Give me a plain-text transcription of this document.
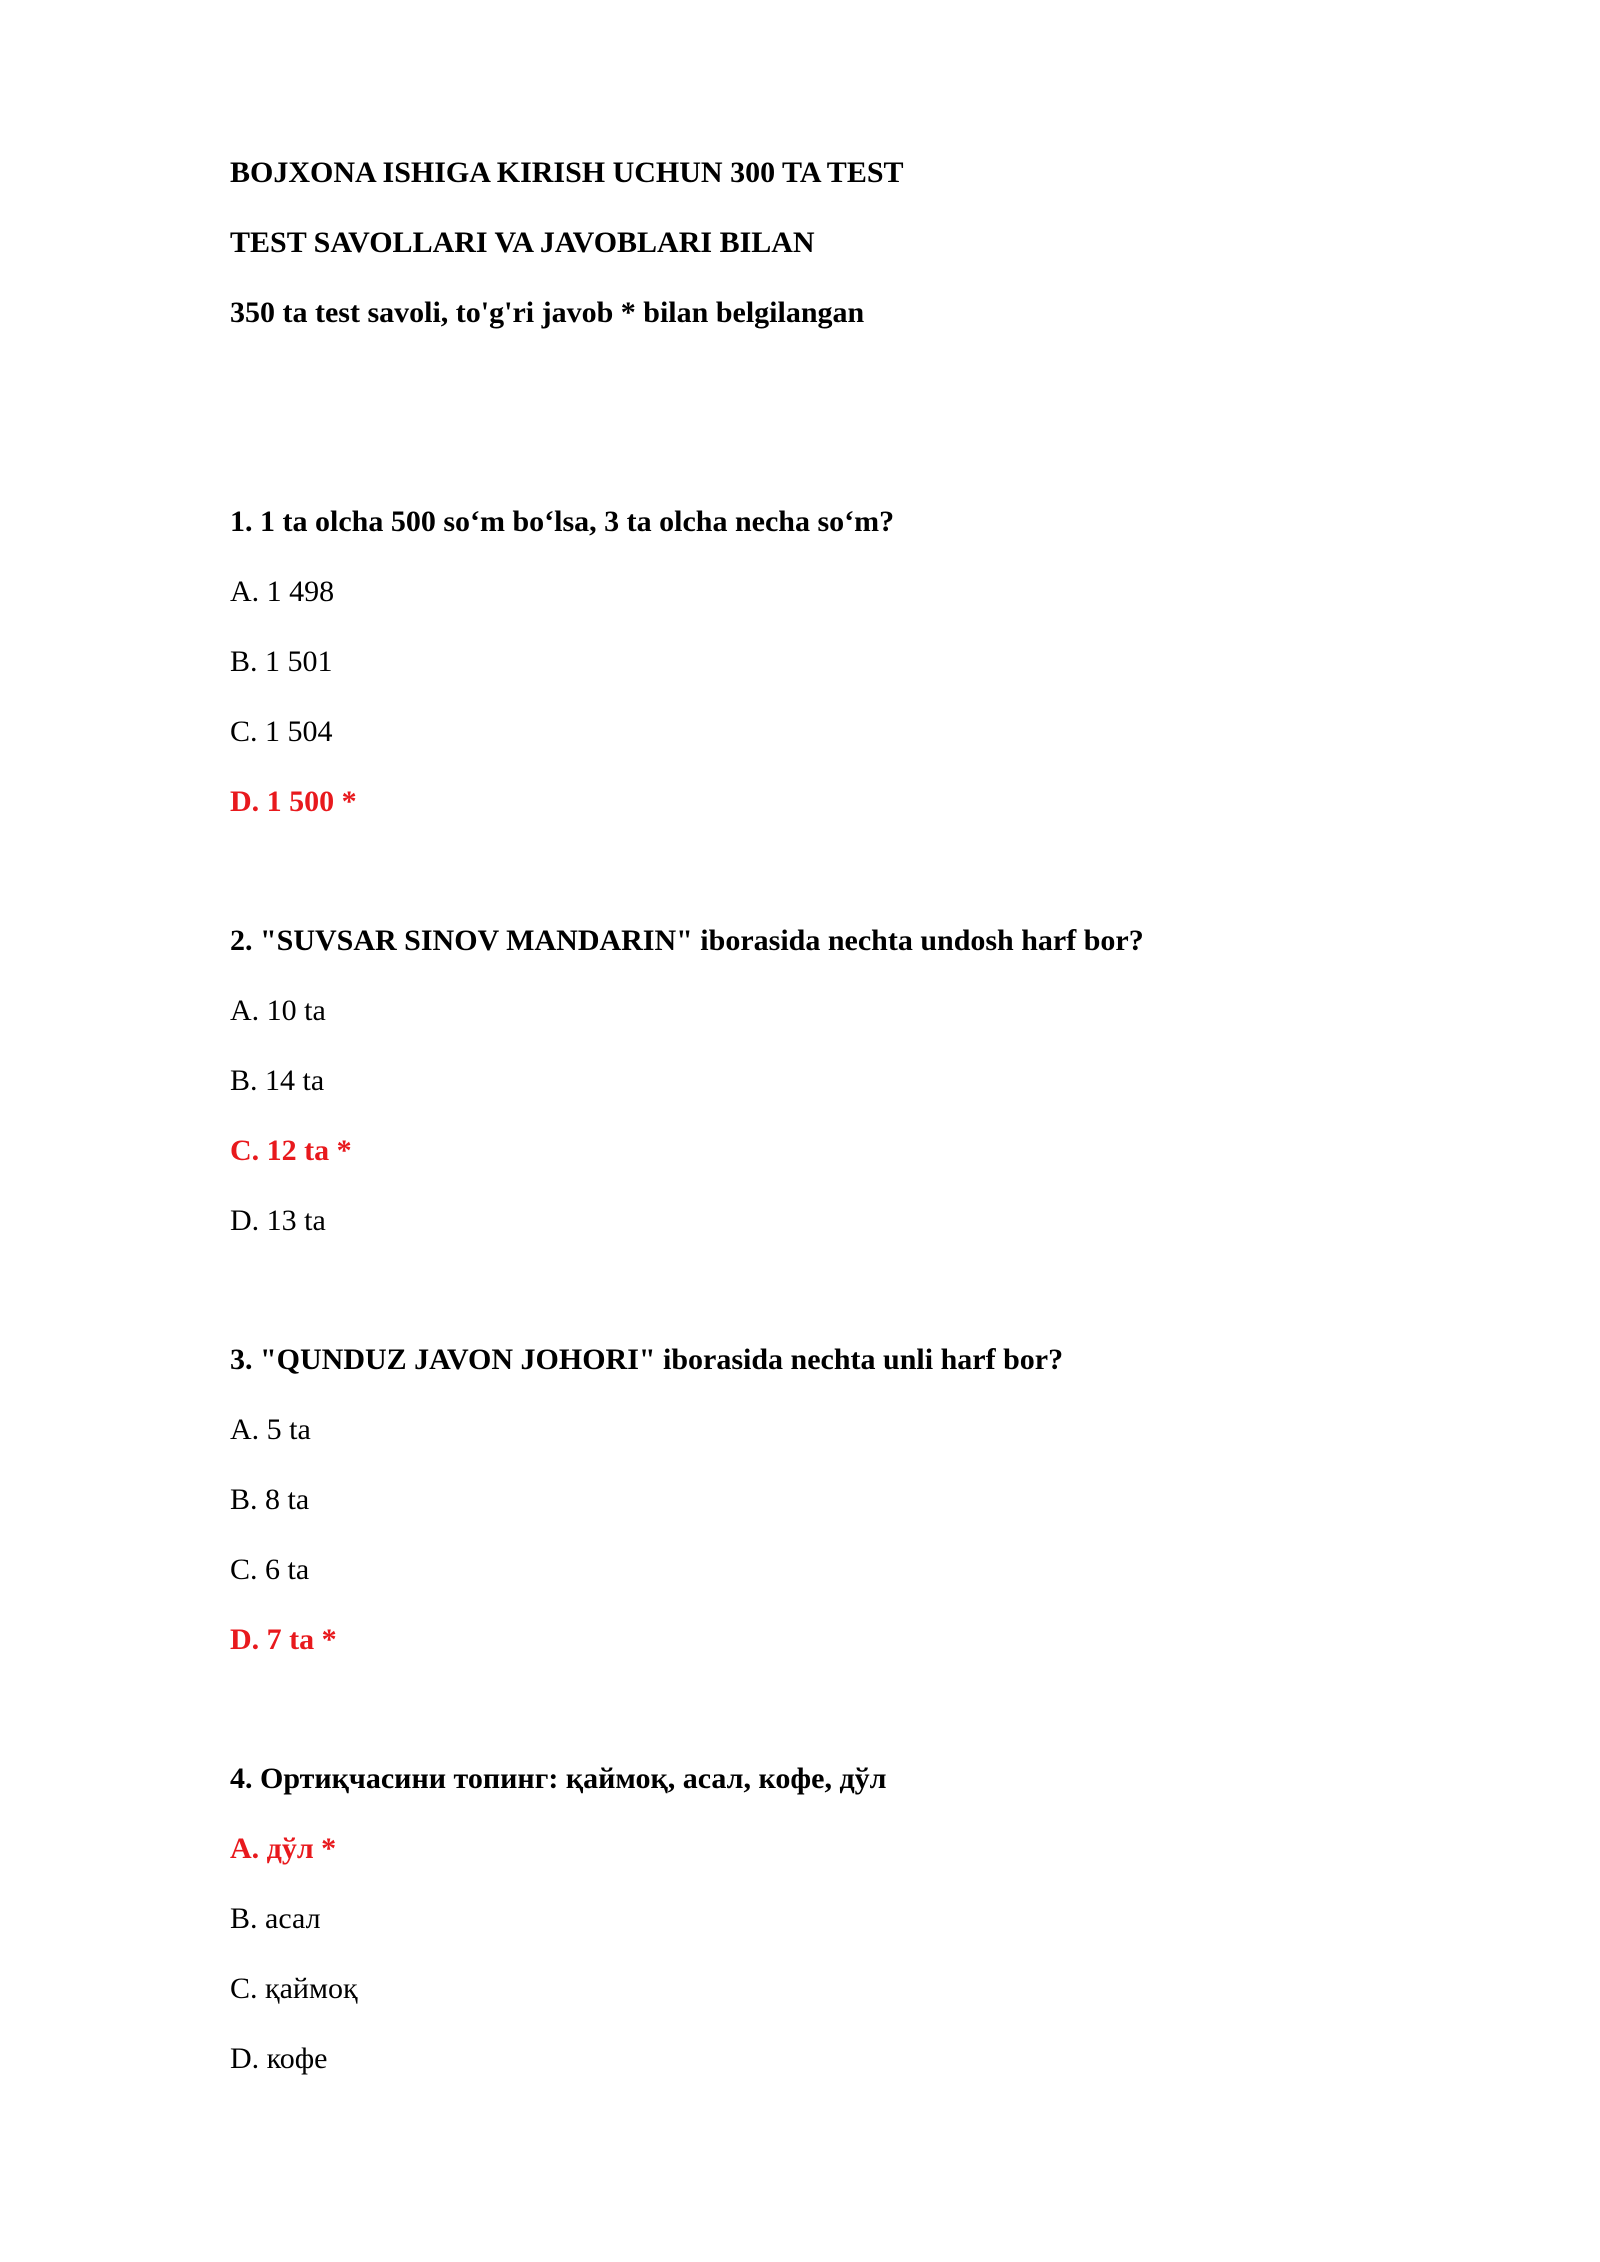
BOJXONA ISHIGA KIRISH UCHUN 300 TA TEST

TEST SAVOLLARI VA JAVOBLARI BILAN

350 ta test savoli, to'g'ri javob * bilan belgilangan

1. 1 ta olcha 500 so‘m bo‘lsa, 3 ta olcha necha so‘m?

A. 1 498

B. 1 501

C. 1 504

D. 1 500 *

2. "SUVSAR SINOV MANDARIN" iborasida nechta undosh harf bor?

A. 10 ta

B. 14 ta

C. 12 ta *

D. 13 ta

3. "QUNDUZ JAVON JOHORI" iborasida nechta unli harf bor?

A. 5 ta

B. 8 ta

C. 6 ta

D. 7 ta *

4. Ортиқчасини топинг: қаймоқ, асал, кофе, дўл

A. дўл *

B. асал

C. қаймоқ

D. кофе
